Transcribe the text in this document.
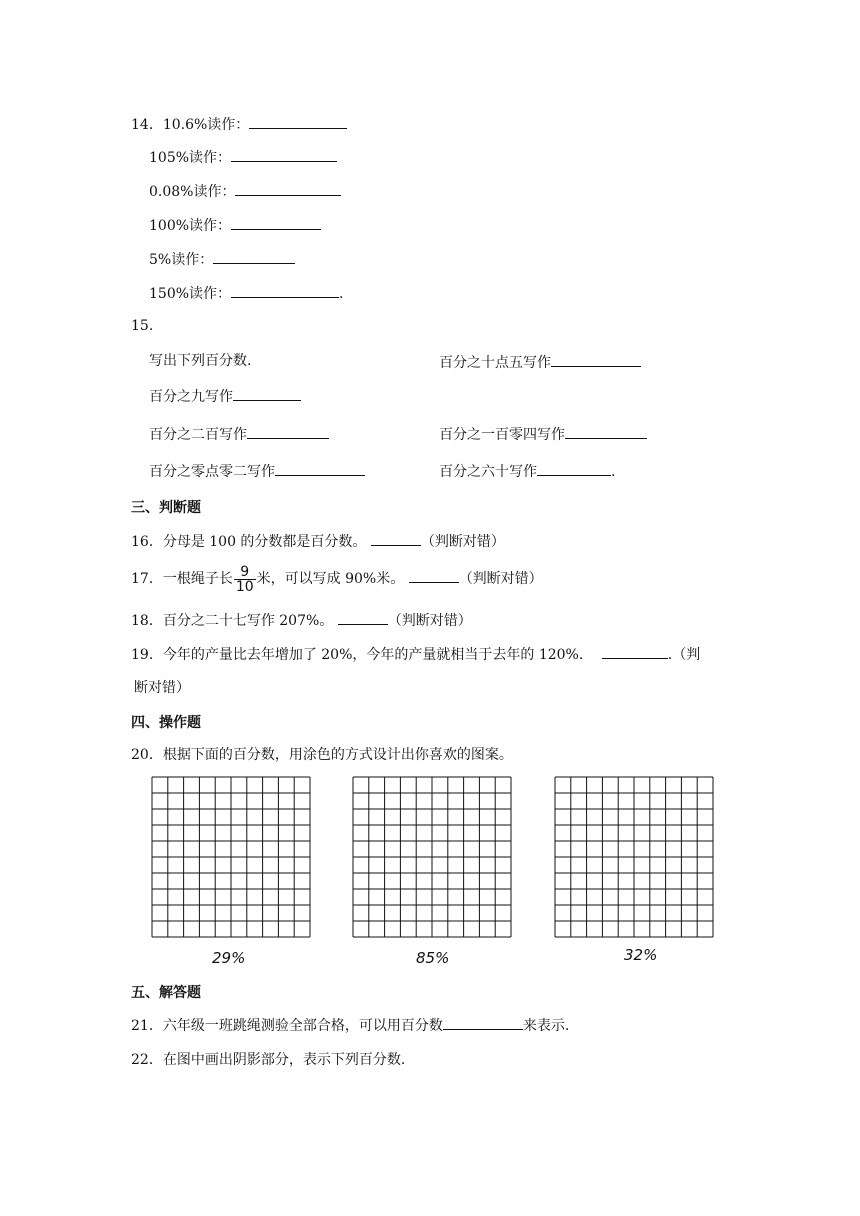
14．10.6%读作：
105%读作：
0.08%读作：
100%读作：
5%读作：
150%读作：	.
15.
写出下列百分数.	百分之十点五写作
百分之九写作
百分之二百写作	百分之一百零四写作
百分之零点零二写作	百分之六十写作	.
三、判断题
16．分母是 100 的分数都是百分数。	（判断对错）
17．一根绳子长 $\frac{9}{10}$ 米，可以写成 90%米。	（判断对错）
18．百分之二十七写作 207%。	（判断对错）
19．今年的产量比去年增加了 20%，今年的产量就相当于去年的 120%．	.（判
断对错）
四、操作题
20．根据下面的百分数，用涂色的方式设计出你喜欢的图案。
29%	85%	32%
五、解答题
21．六年级一班跳绳测验全部合格，可以用百分数	来表示.
22．在图中画出阴影部分，表示下列百分数.
